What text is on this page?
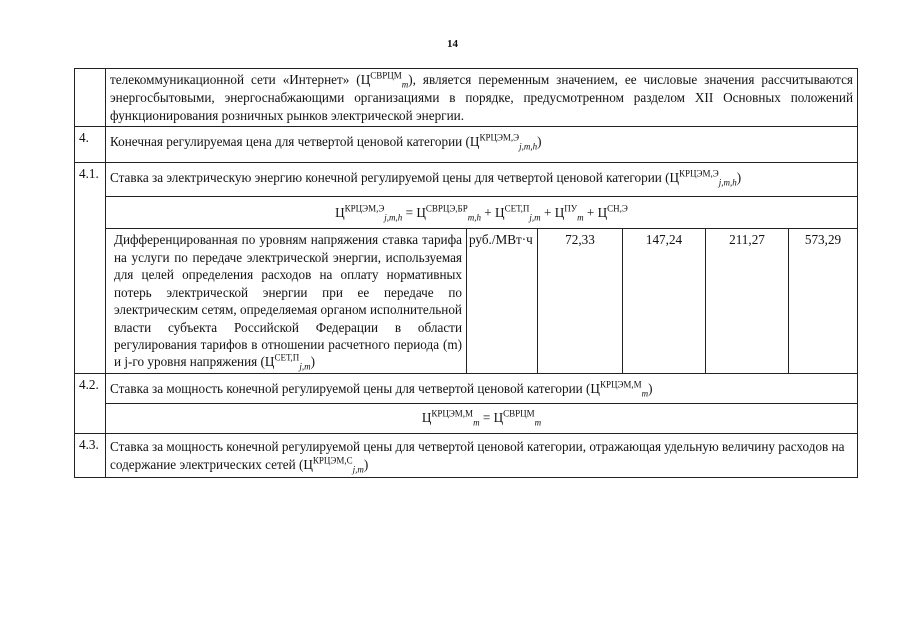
14
	телекоммуникационной сети «Интернет» $(Ц^{СВРЦМ}_m)$, является переменным значением, ее числовые значения рассчитываются энергосбытовыми, энергоснабжающими организациями в порядке, предусмотренном разделом XII Основных положений функционирования розничных рынков электрической энергии.					
4.	Конечная регулируемая цена для четвертой ценовой категории $(Ц^{КРЦЭМ,Э}_{j,m,h})$					
4.1.	Ставка за электрическую энергию конечной регулируемой цены для четвертой ценовой категории $(Ц^{КРЦЭМ,Э}_{j,m,h})$					
	$Ц^{КРЦЭМ,Э}_{j,m,h} = Ц^{СВРЦЭ,БР}_{m,h} + Ц^{СЕТ,П}_{j,m} + Ц^{ПУ}_m + Ц^{СН,Э}$
	Дифференцированная по уровням напряжения ставка тарифа на услуги по передаче электрической энергии, используемая для целей определения расходов на оплату нормативных потерь электрической энергии при ее передаче по электрическим сетям, определяемая органом исполнительной власти субъекта Российской Федерации в области регулирования тарифов в отношении расчетного периода (m) и j-го уровня напряжения $(Ц^{СЕТ,П}_{j,m})$	руб./МВт·ч	72,33	147,24	211,27	573,29
4.2.	Ставка за мощность конечной регулируемой цены для четвертой ценовой категории $(Ц^{КРЦЭМ,М}_m)$					
	$Ц^{КРЦЭМ,М}_m = Ц^{СВРЦМ}_m$
4.3.	Ставка за мощность конечной регулируемой цены для четвертой ценовой категории, отражающая удельную величину расходов на содержание электрических сетей $(Ц^{КРЦЭМ,С}_{j,m})$					
